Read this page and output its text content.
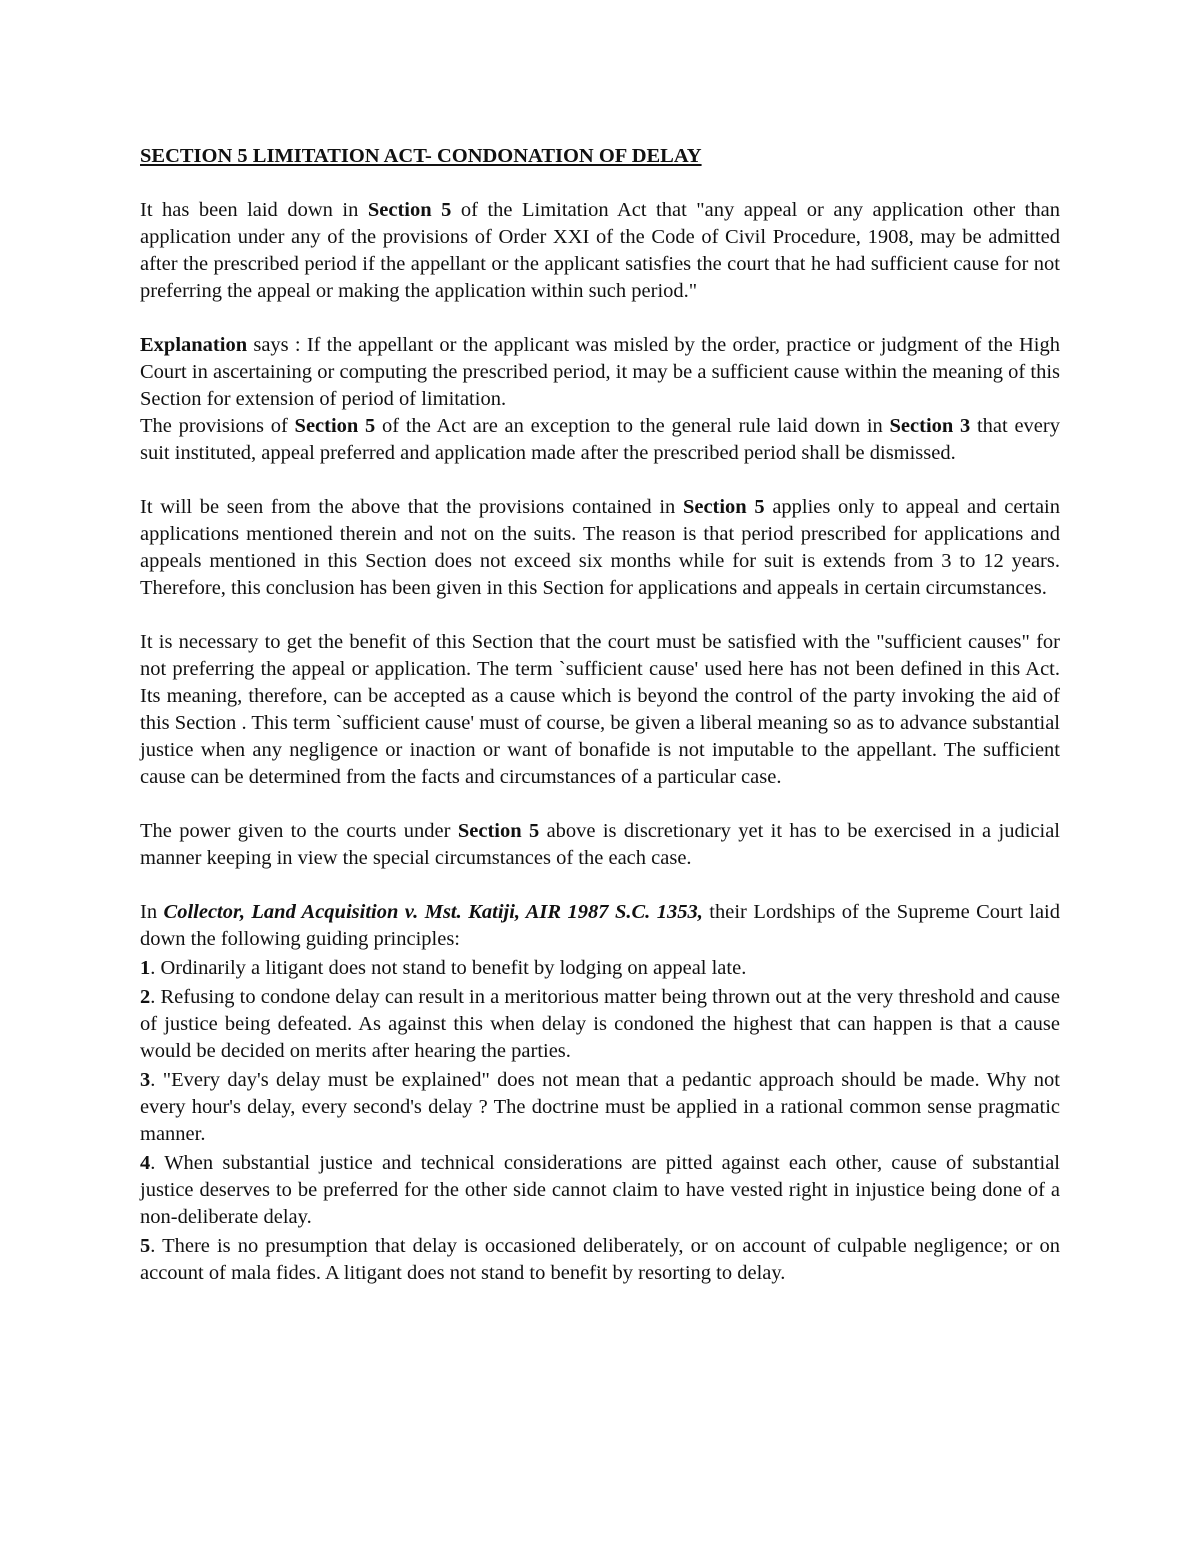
SECTION 5 LIMITATION ACT- CONDONATION OF DELAY

It has been laid down in Section 5 of the Limitation Act that "any appeal or any application other than application under any of the provisions of Order XXI of the Code of Civil Procedure, 1908, may be admitted after the prescribed period if the appellant or the applicant satisfies the court that he had sufficient cause for not preferring the appeal or making the application within such period."

Explanation says : If the appellant or the applicant was misled by the order, practice or judgment of the High Court in ascertaining or computing the prescribed period, it may be a sufficient cause within the meaning of this Section for extension of period of limitation.

The provisions of Section 5 of the Act are an exception to the general rule laid down in Section 3 that every suit instituted, appeal preferred and application made after the prescribed period shall be dismissed.

It will be seen from the above that the provisions contained in Section 5 applies only to appeal and certain applications mentioned therein and not on the suits. The reason is that period prescribed for applications and appeals mentioned in this Section does not exceed six months while for suit is extends from 3 to 12 years. Therefore, this conclusion has been given in this Section for applications and appeals in certain circumstances.

It is necessary to get the benefit of this Section that the court must be satisfied with the "sufficient causes" for not preferring the appeal or application. The term `sufficient cause' used here has not been defined in this Act. Its meaning, therefore, can be accepted as a cause which is beyond the control of the party invoking the aid of this Section . This term `sufficient cause' must of course, be given a liberal meaning so as to advance substantial justice when any negligence or inaction or want of bonafide is not imputable to the appellant. The sufficient cause can be determined from the facts and circumstances of a particular case.

The power given to the courts under Section 5 above is discretionary yet it has to be exercised in a judicial manner keeping in view the special circumstances of the each case.

In Collector, Land Acquisition v. Mst. Katiji, AIR 1987 S.C. 1353, their Lordships of the Supreme Court laid down the following guiding principles:

1. Ordinarily a litigant does not stand to benefit by lodging on appeal late.

2. Refusing to condone delay can result in a meritorious matter being thrown out at the very threshold and cause of justice being defeated. As against this when delay is condoned the highest that can happen is that a cause would be decided on merits after hearing the parties.

3. "Every day's delay must be explained" does not mean that a pedantic approach should be made. Why not every hour's delay, every second's delay ? The doctrine must be applied in a rational common sense pragmatic manner.

4. When substantial justice and technical considerations are pitted against each other, cause of substantial justice deserves to be preferred for the other side cannot claim to have vested right in injustice being done of a non-deliberate delay.

5. There is no presumption that delay is occasioned deliberately, or on account of culpable negligence; or on account of mala fides. A litigant does not stand to benefit by resorting to delay.
